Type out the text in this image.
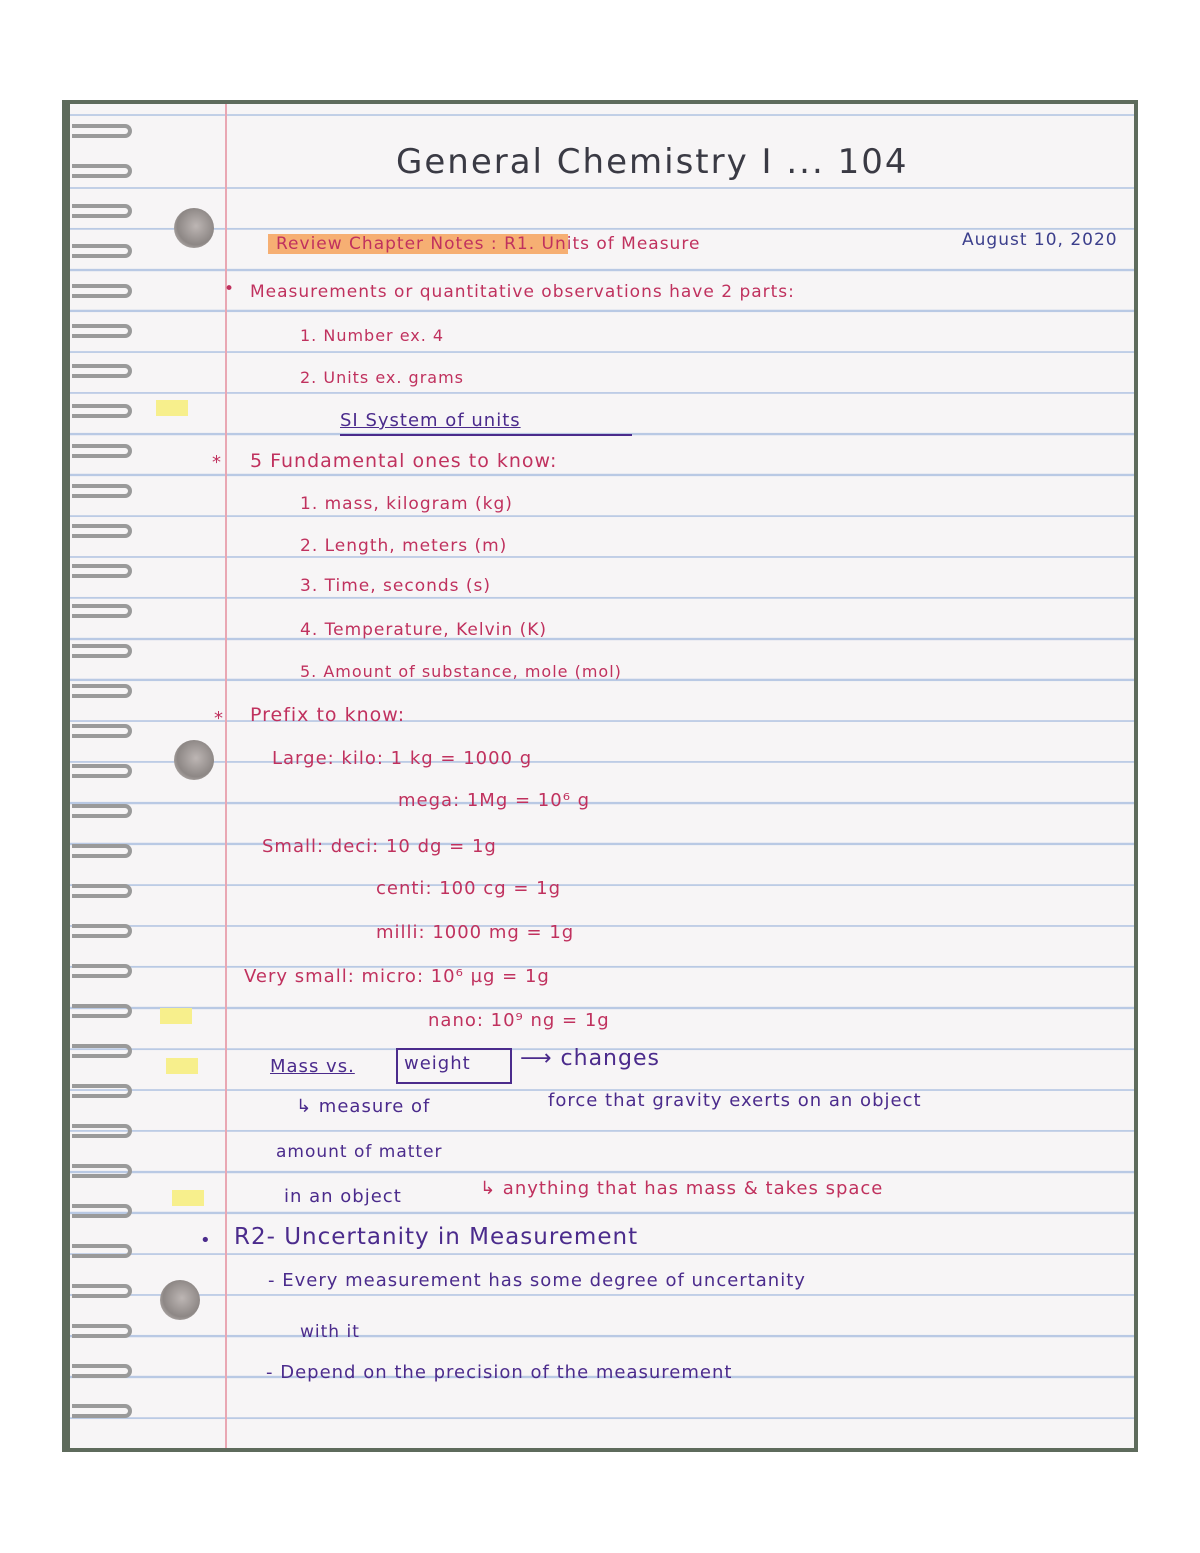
General Chemistry I ... 104
Review Chapter Notes : R1. Units of Measure	August 10, 2020
• Measurements or quantitative observations have 2 parts:
1. Number ex. 4
2. Units ex. grams
SI System of units
* 5 Fundamental ones to know:
1. mass, kilogram (kg)
2. Length, meters (m)
3. Time, seconds (s)
4. Temperature, Kelvin (K)
5. Amount of substance, mole (mol)
* Prefix to know:
Large: kilo: 1 kg = 1000 g
mega: 1Mg = 10⁶ g
Small: deci: 10 dg = 1g
centi: 100 cg = 1g
milli: 1000 mg = 1g
Very small: micro: 10⁶ µg = 1g
nano: 10⁹ ng = 1g
Mass vs.	weight ⟶ changes
↳ measure of	force that gravity exerts on an object
amount of matter
in an object	↳ anything that has mass & takes space
• R2- Uncertanity in Measurement
- Every measurement has some degree of uncertanity
with it
- Depend on the precision of the measurement
